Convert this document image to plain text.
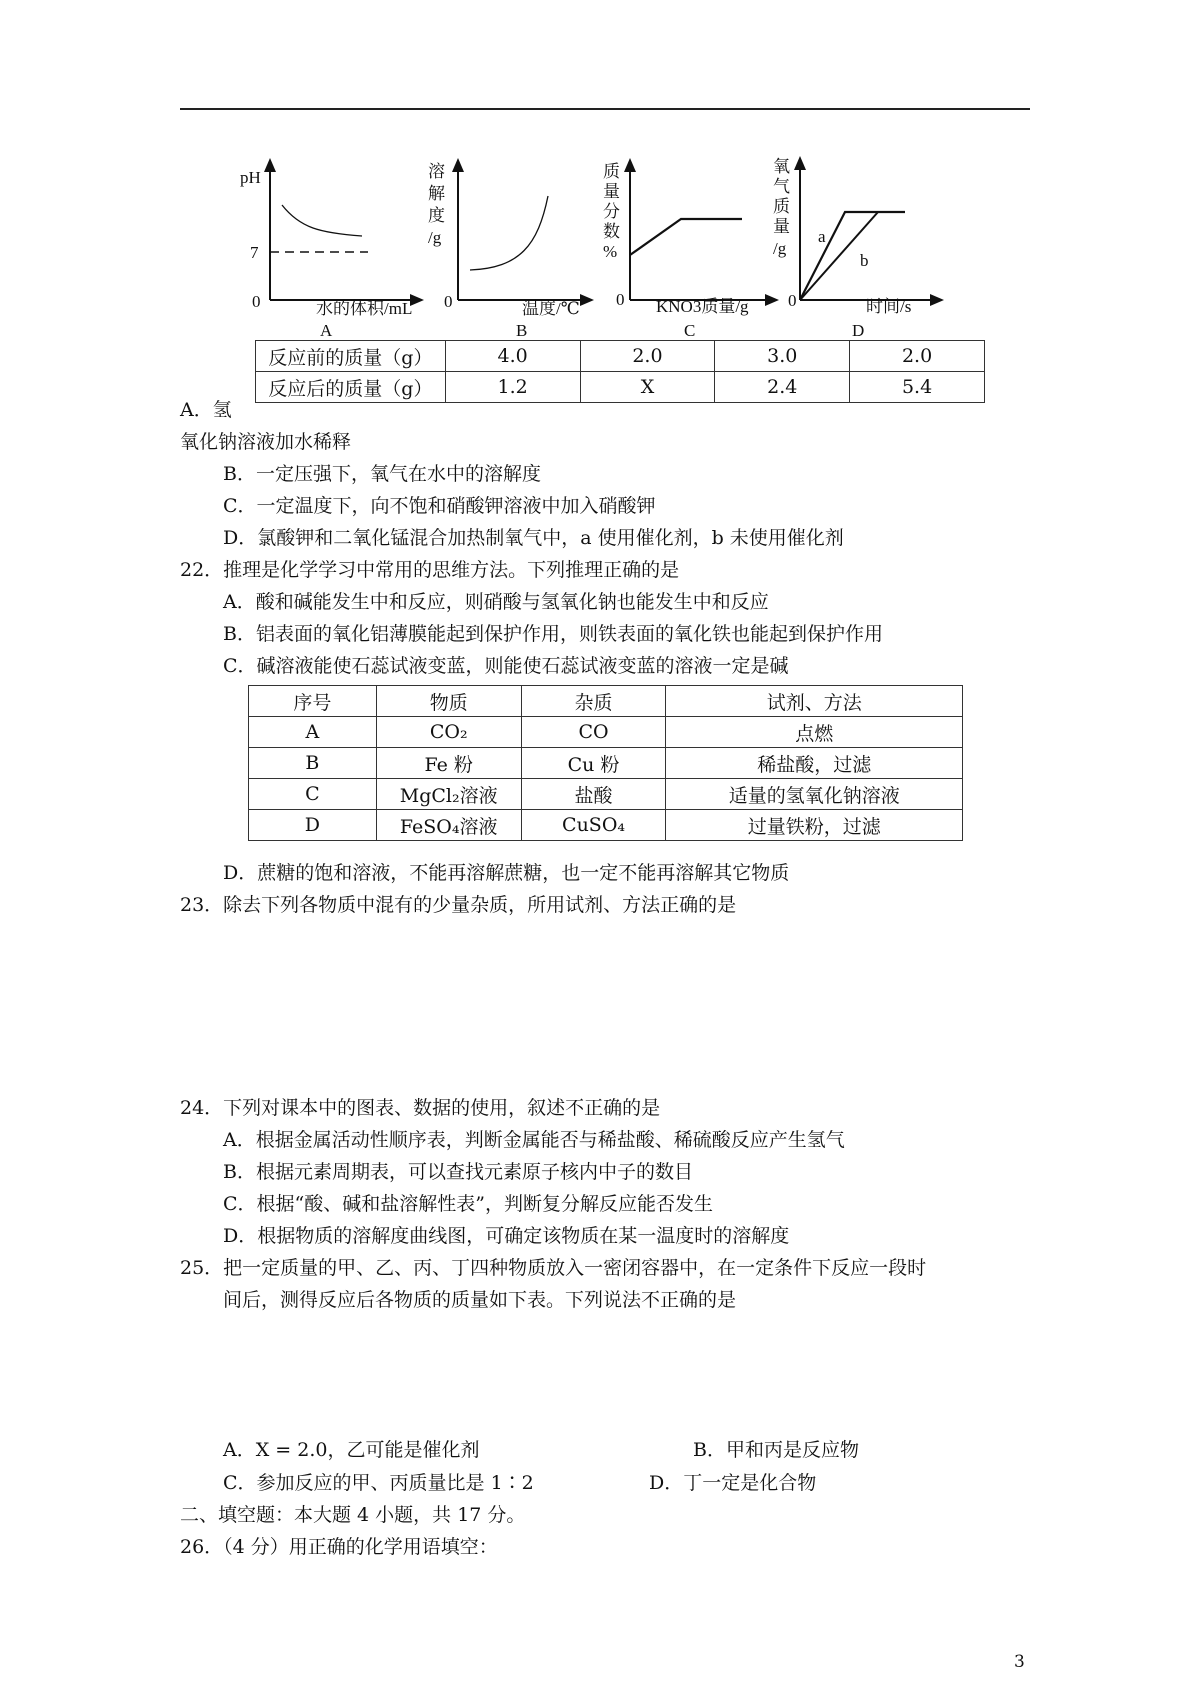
pH
7
0	水的体积/mL
A
溶
解
度
/g
0	温度/℃
B
质
量
分
数
%
0 KNO3质量/g
C
氧
气
质
量
/g
a
b
0	时间/s
D
反应前的质量（g）	4.0	2.0	3.0	2.0
反应后的质量（g）	1.2	X	2.4	5.4
A．氢
氧化钠溶液加水稀释
B．一定压强下，氧气在水中的溶解度
C．一定温度下，向不饱和硝酸钾溶液中加入硝酸钾
D．氯酸钾和二氧化锰混合加热制氧气中，a 使用催化剂，b 未使用催化剂
22．推理是化学学习中常用的思维方法。下列推理正确的是
A．酸和碱能发生中和反应，则硝酸与氢氧化钠也能发生中和反应
B．铝表面的氧化铝薄膜能起到保护作用，则铁表面的氧化铁也能起到保护作用
C．碱溶液能使石蕊试液变蓝，则能使石蕊试液变蓝的溶液一定是碱
序号	物质	杂质	试剂、方法
A	CO₂	CO	点燃
B	Fe 粉	Cu 粉	稀盐酸，过滤
C	MgCl₂溶液	盐酸	适量的氢氧化钠溶液
D	FeSO₄溶液	CuSO₄	过量铁粉，过滤
D．蔗糖的饱和溶液，不能再溶解蔗糖，也一定不能再溶解其它物质
23．除去下列各物质中混有的少量杂质，所用试剂、方法正确的是
24．下列对课本中的图表、数据的使用，叙述不正确的是
A．根据金属活动性顺序表，判断金属能否与稀盐酸、稀硫酸反应产生氢气
B．根据元素周期表，可以查找元素原子核内中子的数目
C．根据“酸、碱和盐溶解性表”，判断复分解反应能否发生
D．根据物质的溶解度曲线图，可确定该物质在某一温度时的溶解度
25．把一定质量的甲、乙、丙、丁四种物质放入一密闭容器中，在一定条件下反应一段时
间后，测得反应后各物质的质量如下表。下列说法不正确的是
A．X = 2.0，乙可能是催化剂	B．甲和丙是反应物
C．参加反应的甲、丙质量比是 1∶2	D．丁一定是化合物
二、填空题：本大题 4 小题，共 17 分。
26．（4 分）用正确的化学用语填空：
3
